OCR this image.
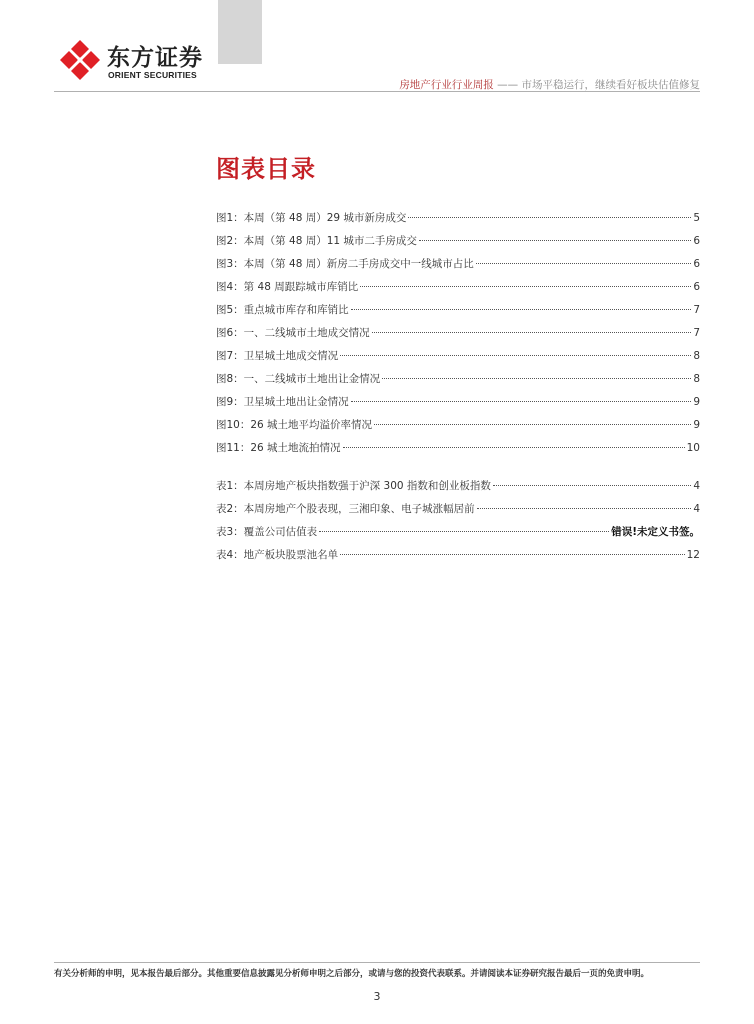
东方证券
ORIENT SECURITIES
房地产行业行业周报 —— 市场平稳运行，继续看好板块估值修复
图表目录
图1：本周（第 48 周）29 城市新房成交	5
图2：本周（第 48 周）11 城市二手房成交	6
图3：本周（第 48 周）新房二手房成交中一线城市占比	6
图4：第 48 周跟踪城市库销比	6
图5：重点城市库存和库销比	7
图6：一、二线城市土地成交情况	7
图7：卫星城土地成交情况	8
图8：一、二线城市土地出让金情况	8
图9：卫星城土地出让金情况	9
图10：26 城土地平均溢价率情况	9
图11：26 城土地流拍情况	10
表1：本周房地产板块指数强于沪深 300 指数和创业板指数	4
表2：本周房地产个股表现，三湘印象、电子城涨幅居前	4
表3：覆盖公司估值表	错误!未定义书签。
表4：地产板块股票池名单	12
有关分析师的申明，见本报告最后部分。其他重要信息披露见分析师申明之后部分，或请与您的投资代表联系。并请阅读本证券研究报告最后一页的免责申明。
3
